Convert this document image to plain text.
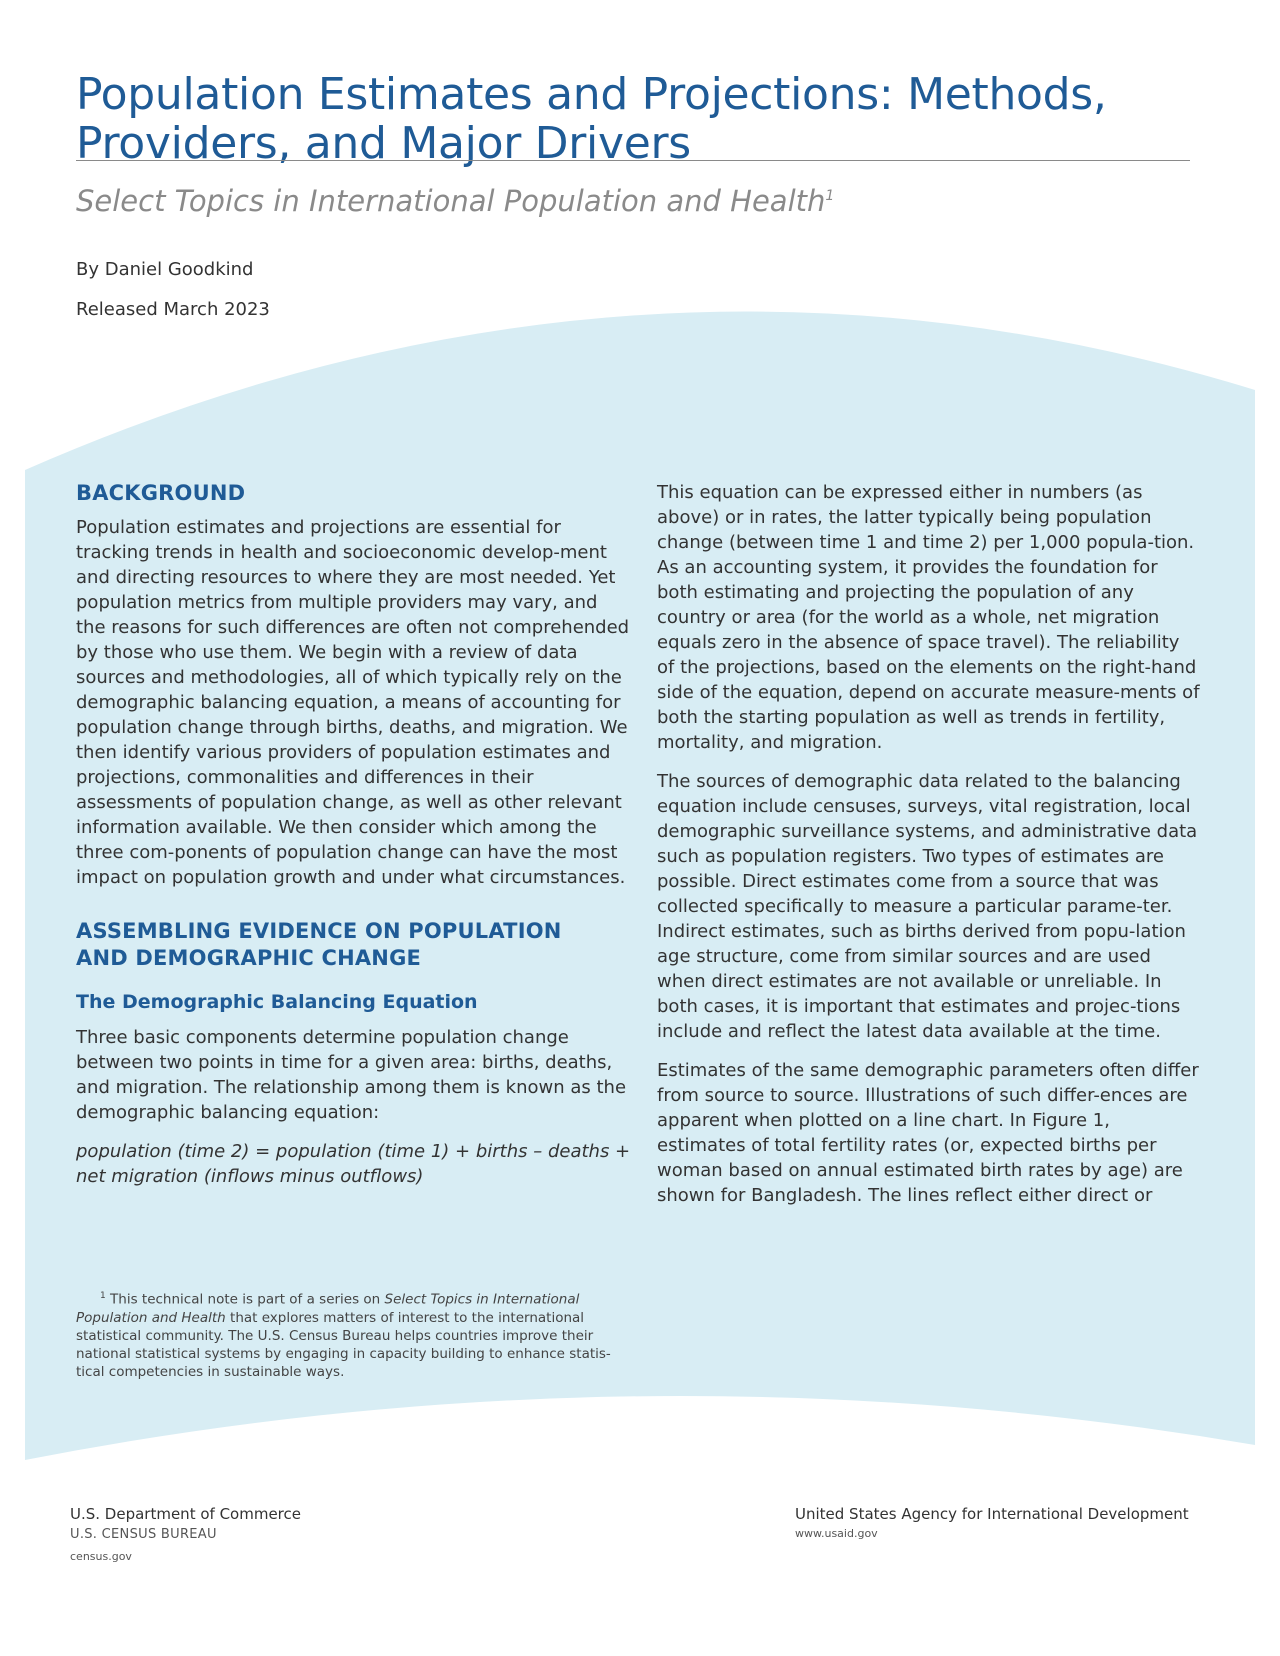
Population Estimates and Projections: Methods,
Providers, and Major Drivers
Select Topics in International Population and Health$^1$
By Daniel Goodkind
Released March 2023
BACKGROUND

Population estimates and projections are essential for tracking trends in health and socioeconomic develop-ment and directing resources to where they are most needed. Yet population metrics from multiple providers may vary, and the reasons for such differences are often not comprehended by those who use them. We begin with a review of data sources and methodologies, all of which typically rely on the demographic balancing equation, a means of accounting for population change through births, deaths, and migration. We then identify various providers of population estimates and projections, commonalities and differences in their assessments of population change, as well as other relevant information available. We then consider which among the three com-ponents of population change can have the most impact on population growth and under what circumstances.

ASSEMBLING EVIDENCE ON POPULATION
AND DEMOGRAPHIC CHANGE
The Demographic Balancing Equation

Three basic components determine population change between two points in time for a given area: births, deaths, and migration. The relationship among them is known as the demographic balancing equation:

population (time 2) = population (time 1) + births – deaths + net migration (inflows minus outflows)

This equation can be expressed either in numbers (as above) or in rates, the latter typically being population change (between time 1 and time 2) per 1,000 popula-tion. As an accounting system, it provides the foundation for both estimating and projecting the population of any country or area (for the world as a whole, net migration equals zero in the absence of space travel). The reliability of the projections, based on the elements on the right-hand side of the equation, depend on accurate measure-ments of both the starting population as well as trends in fertility, mortality, and migration.

The sources of demographic data related to the balancing equation include censuses, surveys, vital registration, local demographic surveillance systems, and administrative data such as population registers. Two types of estimates are possible. Direct estimates come from a source that was collected specifically to measure a particular parame-ter. Indirect estimates, such as births derived from popu-lation age structure, come from similar sources and are used when direct estimates are not available or unreliable. In both cases, it is important that estimates and projec-tions include and reflect the latest data available at the time.

Estimates of the same demographic parameters often differ from source to source. Illustrations of such differ-ences are apparent when plotted on a line chart. In Figure 1, estimates of total fertility rates (or, expected births per woman based on annual estimated birth rates by age) are shown for Bangladesh. The lines reflect either direct or

$^1$ This technical note is part of a series on Select Topics in International Population and Health that explores matters of interest to the international statistical community. The U.S. Census Bureau helps countries improve their national statistical systems by engaging in capacity building to enhance statis-tical competencies in sustainable ways.
U.S. Department of Commerce
U.S. CENSUS BUREAU
census.gov
United States Agency for International Development
www.usaid.gov
